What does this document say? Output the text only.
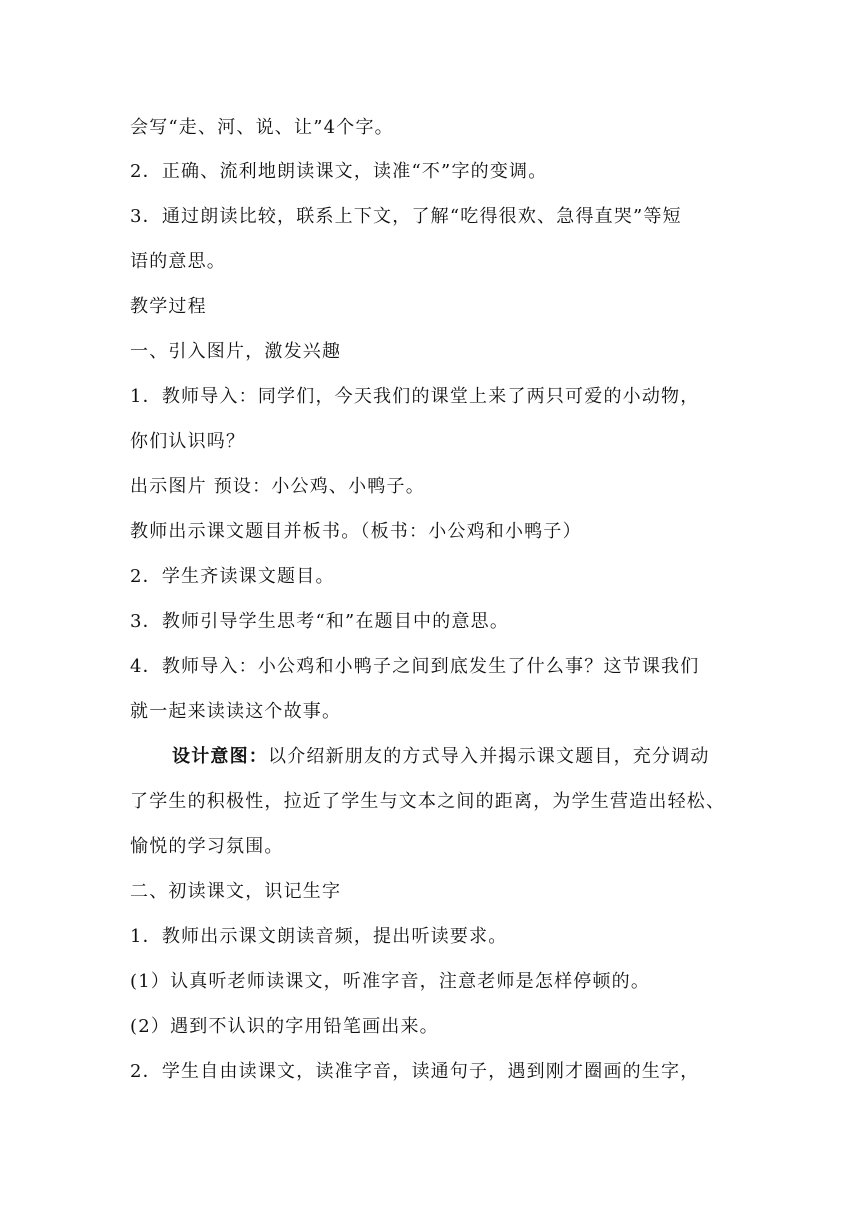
会写“走、河、说、让”4个字。
2．正确、流利地朗读课文，读准“不”字的变调。
3．通过朗读比较，联系上下文，了解“吃得很欢、急得直哭”等短
语的意思。
教学过程
一、引入图片，激发兴趣
1．教师导入：同学们，今天我们的课堂上来了两只可爱的小动物，
你们认识吗？
出示图片 预设：小公鸡、小鸭子。
教师出示课文题目并板书。（板书：小公鸡和小鸭子）
2．学生齐读课文题目。
3．教师引导学生思考“和”在题目中的意思。
4．教师导入：小公鸡和小鸭子之间到底发生了什么事？这节课我们
就一起来读读这个故事。
设计意图：以介绍新朋友的方式导入并揭示课文题目，充分调动
了学生的积极性，拉近了学生与文本之间的距离，为学生营造出轻松、
愉悦的学习氛围。
二、初读课文，识记生字
1．教师出示课文朗读音频，提出听读要求。
(1）认真听老师读课文，听准字音，注意老师是怎样停顿的。
(2）遇到不认识的字用铅笔画出来。
2．学生自由读课文，读准字音，读通句子，遇到刚才圈画的生字，
